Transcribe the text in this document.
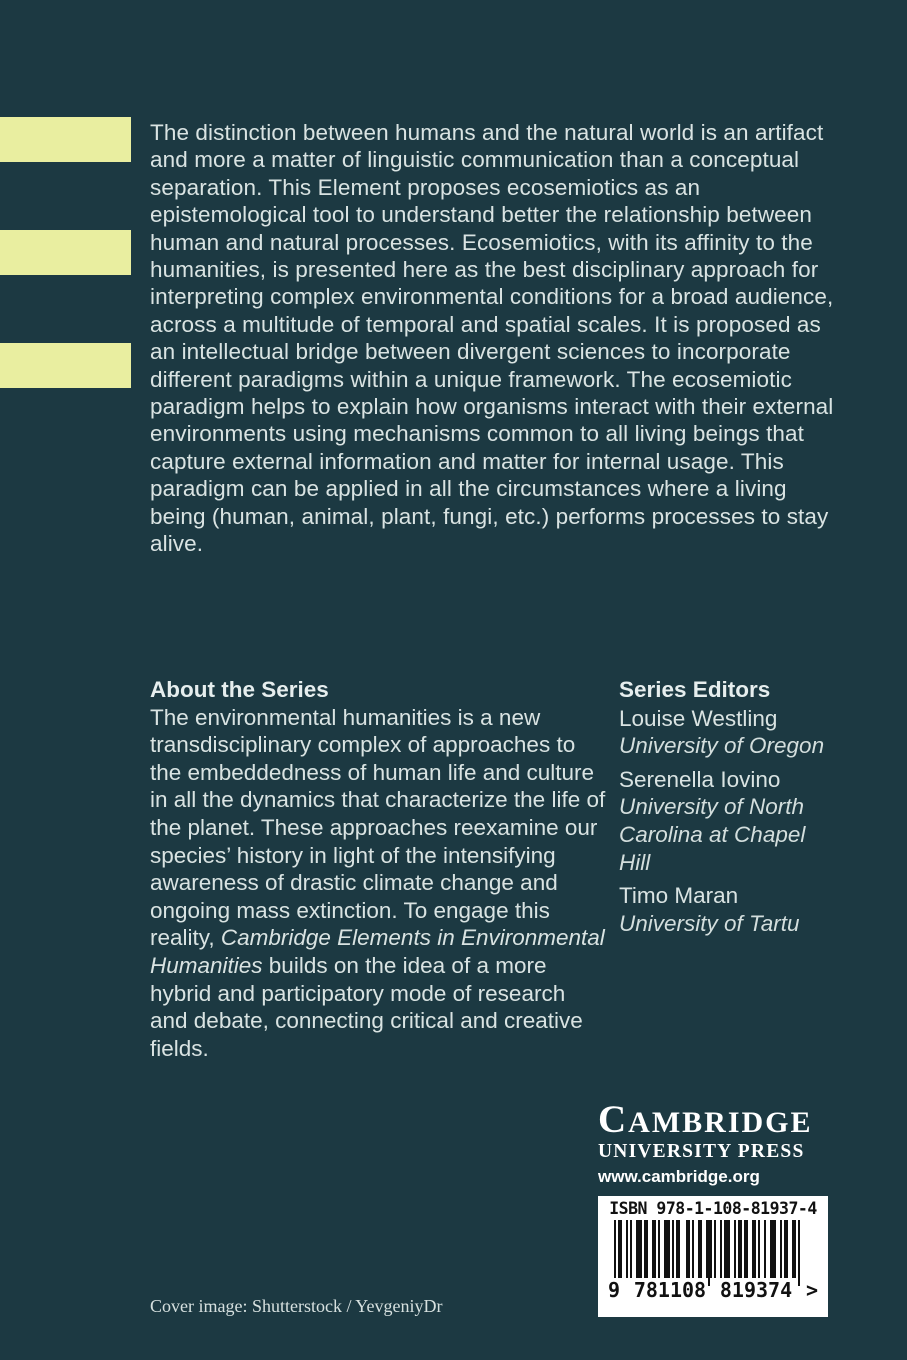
The distinction between humans and the natural world is an artifact and more a matter of linguistic communication than a conceptual separation. This Element proposes ecosemiotics as an epistemological tool to understand better the relationship between human and natural processes. Ecosemiotics, with its affinity to the humanities, is presented here as the best disciplinary approach for interpreting complex environmental conditions for a broad audience, across a multitude of temporal and spatial scales. It is proposed as an intellectual bridge between divergent sciences to incorporate different paradigms within a unique framework. The ecosemiotic paradigm helps to explain how organisms interact with their external environments using mechanisms common to all living beings that capture external information and matter for internal usage. This paradigm can be applied in all the circumstances where a living being (human, animal, plant, fungi, etc.) performs processes to stay alive.

About the Series

The environmental humanities is a new transdisciplinary complex of approaches to the embeddedness of human life and culture in all the dynamics that characterize the life of the planet. These approaches reexamine our species’ history in light of the intensifying awareness of drastic climate change and ongoing mass extinction. To engage this reality, Cambridge Elements in Environmental Humanities builds on the idea of a more hybrid and participatory mode of research and debate, connecting critical and creative fields.

Series Editors
Louise Westling
University of Oregon
Serenella Iovino
University of North Carolina at Chapel Hill
Timo Maran
University of Tartu
CAMBRIDGE
UNIVERSITY PRESS
www.cambridge.org
ISBN 978-1-108-81937-4
9 781108 819374 >
Cover image: Shutterstock / YevgeniyDr
